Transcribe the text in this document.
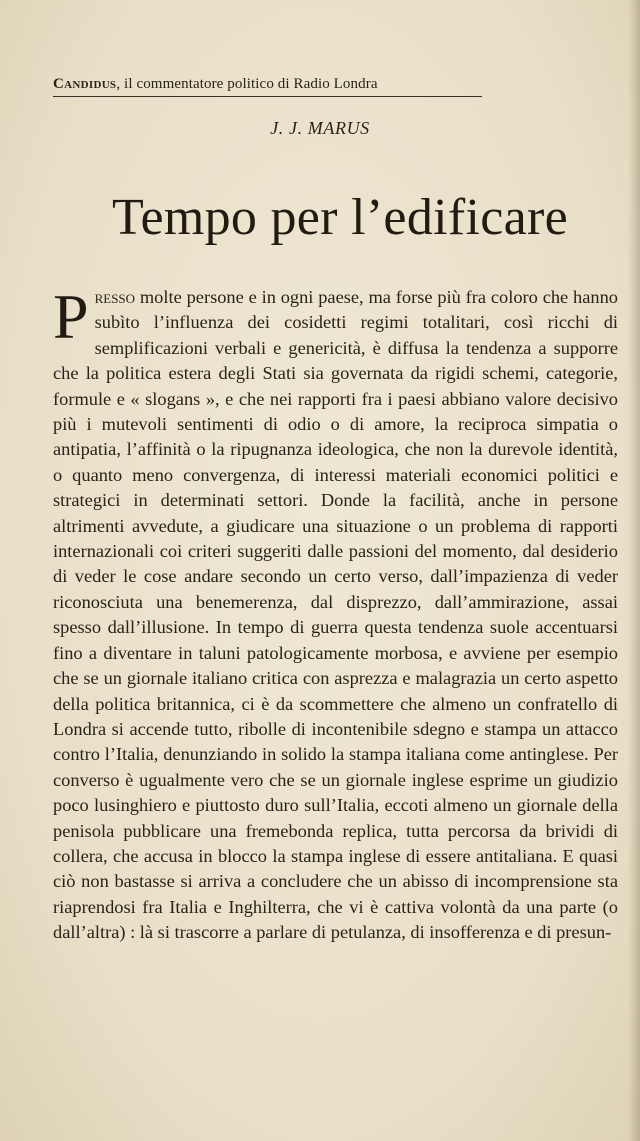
Candidus, il commentatore politico di Radio Londra
J. J. MARUS
Tempo per l’edificare

Presso molte persone e in ogni paese, ma forse più fra coloro che hanno subìto l’influenza dei cosidetti regimi totalitari, così ricchi di semplificazioni verbali e genericità, è diffusa la tendenza a supporre che la politica estera degli Stati sia governata da rigidi schemi, categorie, formule e « slogans », e che nei rapporti fra i paesi abbiano valore decisivo più i mutevoli sentimenti di odio o di amore, la reciproca simpatia o antipatia, l’affinità o la ripugnanza ideologica, che non la durevole identità, o quanto meno convergenza, di interessi materiali economici politici e strategici in determinati settori. Donde la facilità, anche in persone altrimenti avvedute, a giudicare una situazione o un problema di rapporti internazionali coi criteri suggeriti dalle passioni del momento, dal desiderio di veder le cose andare secondo un certo verso, dall’impazienza di veder riconosciuta una benemerenza, dal disprezzo, dall’ammirazione, assai spesso dall’illusione. In tempo di guerra questa tendenza suole accentuarsi fino a diventare in taluni patologicamente morbosa, e avviene per esempio che se un giornale italiano critica con asprezza e malagrazia un certo aspetto della politica britannica, ci è da scommettere che almeno un confratello di Londra si accende tutto, ribolle di incontenibile sdegno e stampa un attacco contro l’Italia, denunziando in solido la stampa italiana come antinglese. Per converso è ugualmente vero che se un giornale inglese esprime un giudizio poco lusinghiero e piuttosto duro sull’Italia, eccoti almeno un giornale della penisola pubblicare una fremebonda replica, tutta percorsa da brividi di collera, che accusa in blocco la stampa inglese di essere antitaliana. E quasi ciò non bastasse si arriva a concludere che un abisso di incomprensione sta riaprendosi fra Italia e Inghilterra, che vi è cattiva volontà da una parte (o dall’altra) : là si trascorre a parlare di petulanza, di insofferenza e di presun-
